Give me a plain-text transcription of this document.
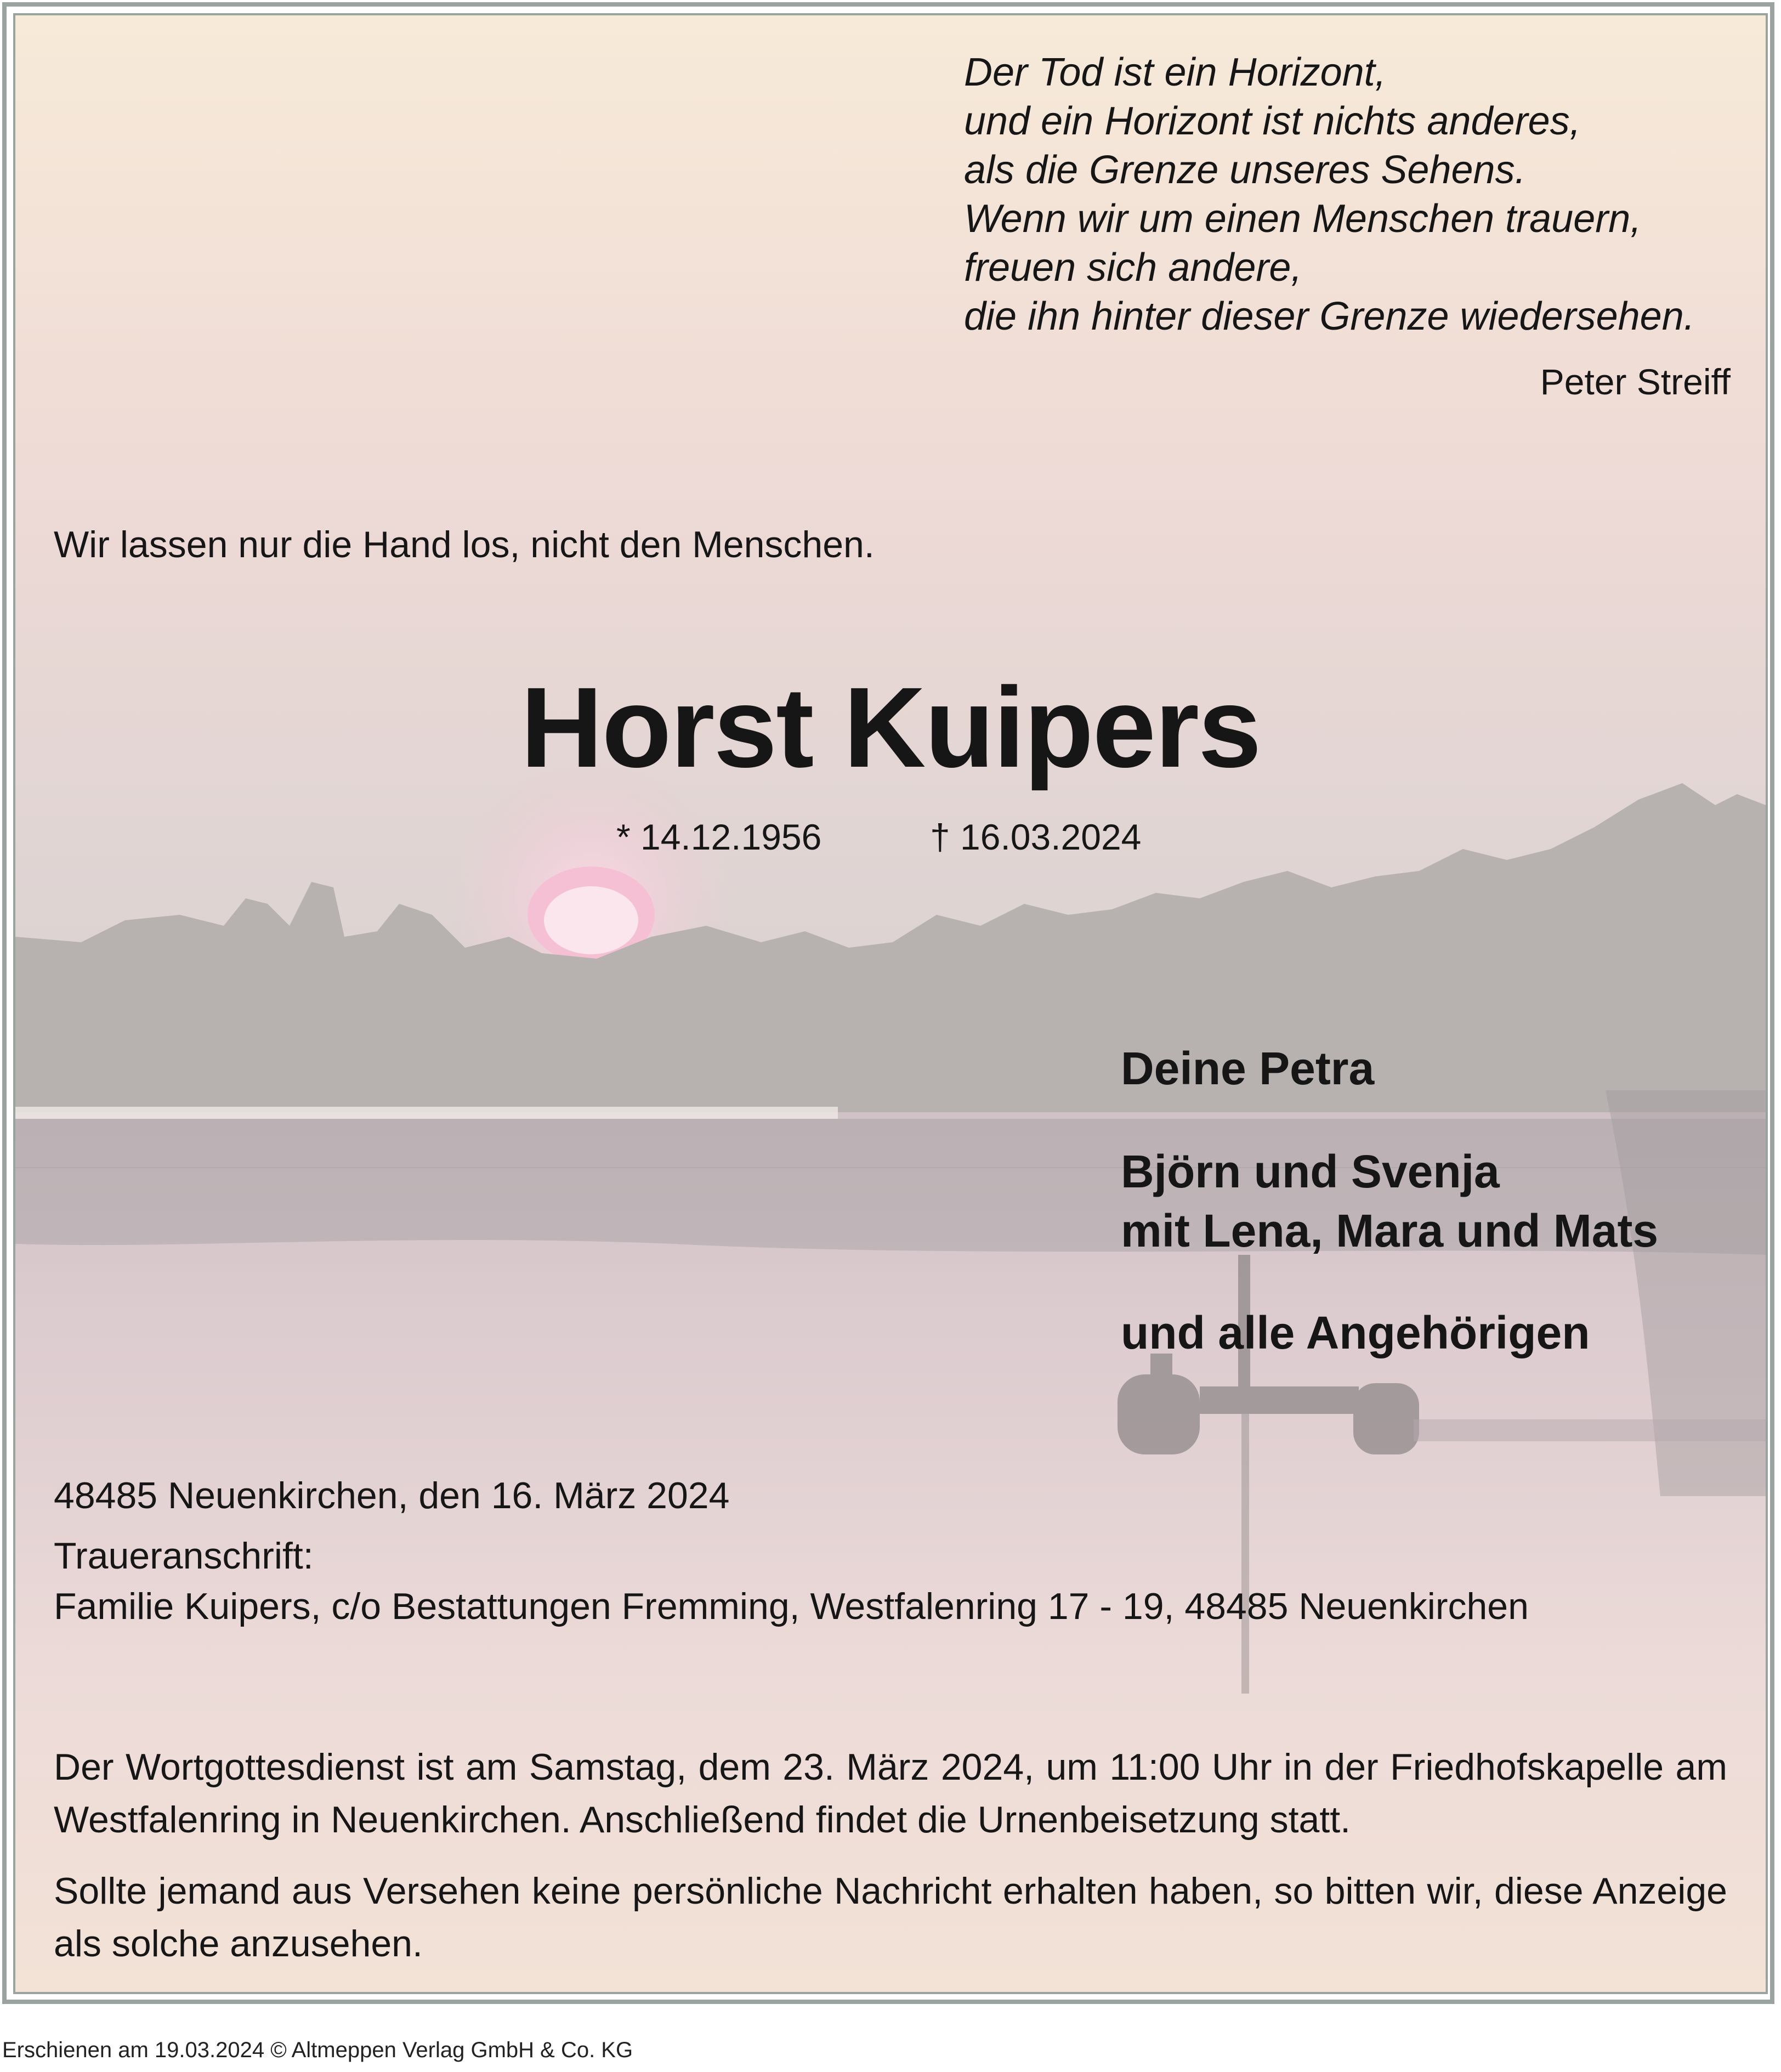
Der Tod ist ein Horizont,
und ein Horizont ist nichts anderes,
als die Grenze unseres Sehens.
Wenn wir um einen Menschen trauern,
freuen sich andere,
die ihn hinter dieser Grenze wiedersehen.
Peter Streiff
Wir lassen nur die Hand los, nicht den Menschen.
Horst Kuipers
* 14.12.1956	† 16.03.2024
Deine Petra
Björn und Svenja
mit Lena, Mara und Mats
und alle Angehörigen
48485 Neuenkirchen, den 16. März 2024
Traueranschrift:
Familie Kuipers, c/o Bestattungen Fremming, Westfalenring 17 - 19, 48485 Neuenkirchen

Der Wortgottesdienst ist am Samstag, dem 23. März 2024, um 11:00 Uhr in der Friedhofskapelle am Westfalenring in Neuenkirchen. Anschließend findet die Urnenbeisetzung statt.

Sollte jemand aus Versehen keine persönliche Nachricht erhalten haben, so bitten wir, diese Anzeige als solche anzusehen.

Erschienen am 19.03.2024 © Altmeppen Verlag GmbH & Co. KG
